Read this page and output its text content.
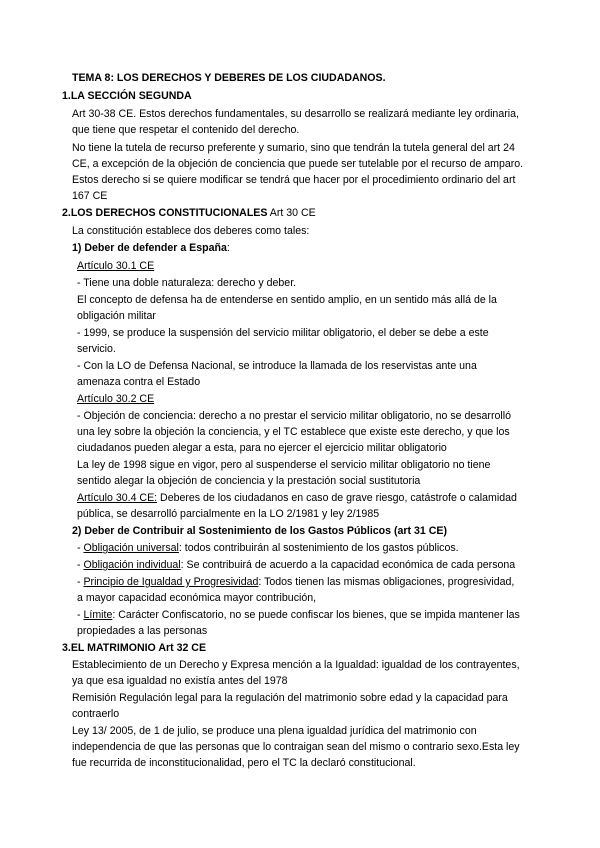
TEMA 8: LOS DERECHOS Y DEBERES DE LOS CIUDADANOS.
1.LA SECCIÓN SEGUNDA
Art 30-38 CE. Estos derechos fundamentales, su desarrollo se realizará mediante ley ordinaria,
que tiene que respetar el contenido del derecho.
No tiene la tutela de recurso preferente y sumario, sino que tendrán la tutela general del art 24
CE, a excepción de la objeción de conciencia que puede ser tutelable por el recurso de amparo.
Estos derecho si se quiere modificar se tendrá que hacer por el procedimiento ordinario del art
167 CE
2.LOS DERECHOS CONSTITUCIONALES Art 30 CE
La constitución establece dos deberes como tales:
1) Deber de defender a España:
Artículo 30.1 CE
- Tiene una doble naturaleza: derecho y deber.
El concepto de defensa ha de entenderse en sentido amplio, en un sentido más allá de la
obligación militar
- 1999, se produce la suspensión del servicio militar obligatorio, el deber se debe a este
servicio.
- Con la LO de Defensa Nacional, se introduce la llamada de los reservistas ante una
amenaza contra el Estado
Artículo 30.2 CE
- Objeción de conciencia: derecho a no prestar el servicio militar obligatorio, no se desarrolló
una ley sobre la objeción la conciencia, y el TC establece que existe este derecho, y que los
ciudadanos pueden alegar a esta, para no ejercer el ejercicio militar obligatorio
La ley de 1998 sigue en vigor, pero al suspenderse el servicio militar obligatorio no tiene
sentido alegar la objeción de conciencia y la prestación social sustitutoria
Artículo 30.4 CE: Deberes de los ciudadanos en caso de grave riesgo, catástrofe o calamidad
pública, se desarrolló parcialmente en la LO 2/1981 y ley 2/1985
2) Deber de Contribuir al Sostenimiento de los Gastos Públicos (art 31 CE)
- Obligación universal: todos contribuirán al sostenimiento de los gastos públicos.
- Obligación individual: Se contribuirá de acuerdo a la capacidad económica de cada persona
- Principio de Igualdad y Progresividad: Todos tienen las mismas obligaciones, progresividad,
a mayor capacidad económica mayor contribución,
- Límite: Carácter Confiscatorio, no se puede confiscar los bienes, que se impida mantener las
propiedades a las personas
3.EL MATRIMONIO Art 32 CE
Establecimiento de un Derecho y Expresa mención a la Igualdad: igualdad de los contrayentes,
ya que esa igualdad no existía antes del 1978
Remisión Regulación legal para la regulación del matrimonio sobre edad y la capacidad para
contraerlo
Ley 13/ 2005, de 1 de julio, se produce una plena igualdad jurídica del matrimonio con
independencia de que las personas que lo contraigan sean del mismo o contrario sexo.Esta ley
fue recurrida de inconstitucionalidad, pero el TC la declaró constitucional.
